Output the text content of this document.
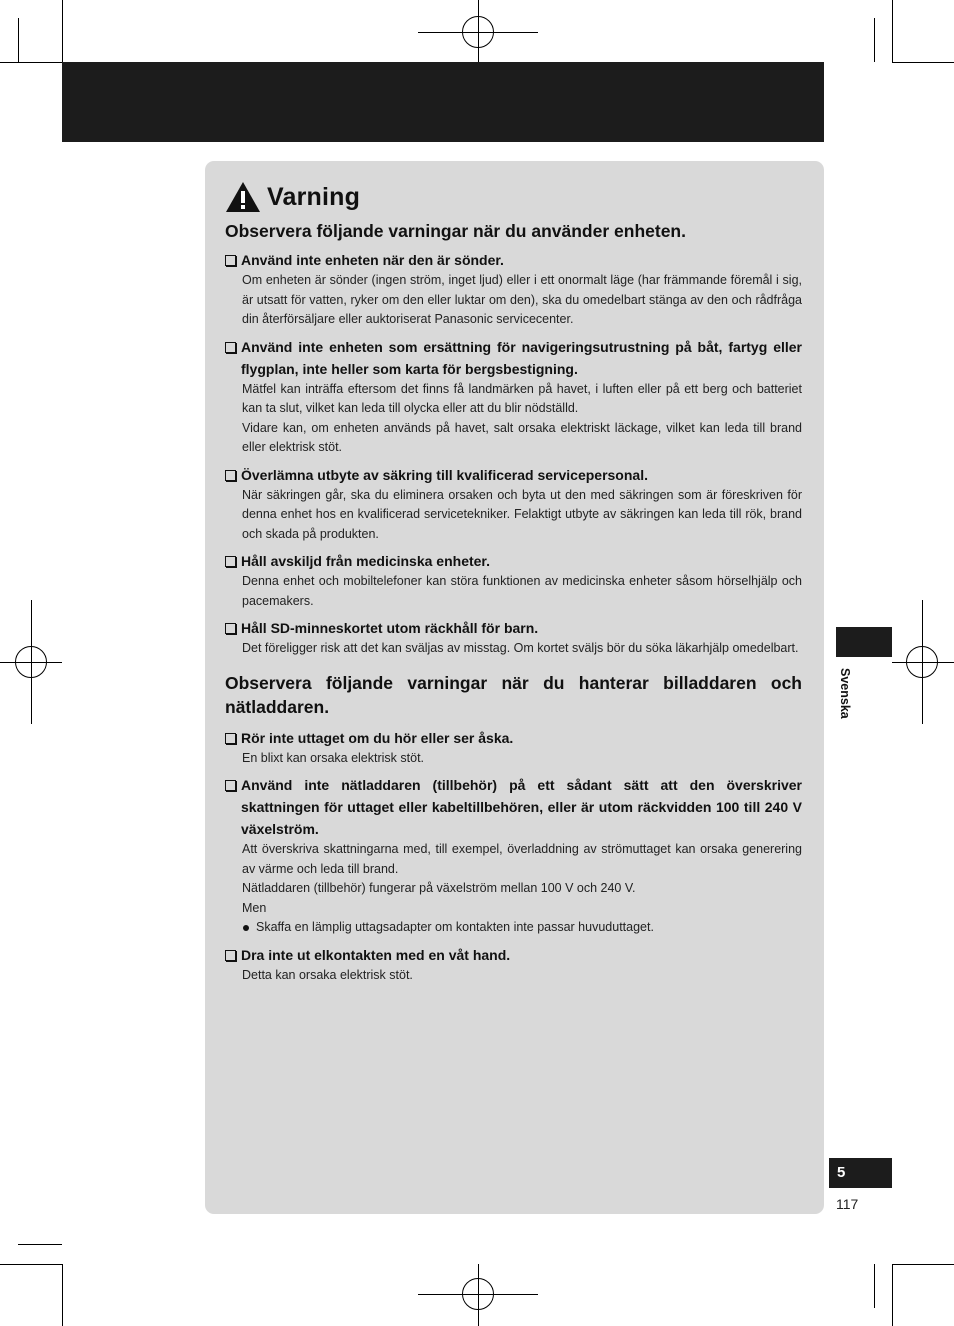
Varning
Observera följande varningar när du använder enheten.
Använd inte enheten när den är sönder.

Om enheten är sönder (ingen ström, inget ljud) eller i ett onormalt läge (har främmande föremål i sig, är utsatt för vatten, ryker om den eller luktar om den), ska du omedelbart stänga av den och rådfråga din återförsäljare eller auktoriserat Panasonic servicecenter.

Använd inte enheten som ersättning för navigeringsutrustning på båt, fartyg eller flygplan, inte heller som karta för bergsbestigning.

Mätfel kan inträffa eftersom det finns få landmärken på havet, i luften eller på ett berg och batteriet kan ta slut, vilket kan leda till olycka eller att du blir nödställd.

Vidare kan, om enheten används på havet, salt orsaka elektriskt läckage, vilket kan leda till brand eller elektrisk stöt.

Överlämna utbyte av säkring till kvalificerad servicepersonal.

När säkringen går, ska du eliminera orsaken och byta ut den med säkringen som är föreskriven för denna enhet hos en kvalificerad servicetekniker. Felaktigt utbyte av säkringen kan leda till rök, brand och skada på produkten.

Håll avskiljd från medicinska enheter.

Denna enhet och mobiltelefoner kan störa funktionen av medicinska enheter såsom hörselhjälp och pacemakers.

Håll SD-minneskortet utom räckhåll för barn.

Det föreligger risk att det kan sväljas av misstag. Om kortet sväljs bör du söka läkarhjälp omedelbart.

Observera följande varningar när du hanterar billaddaren och nätladdaren.
Rör inte uttaget om du hör eller ser åska.

En blixt kan orsaka elektrisk stöt.

Använd inte nätladdaren (tillbehör) på ett sådant sätt att den överskriver skattningen för uttaget eller kabeltillbehören, eller är utom räckvidden 100 till 240 V växelström.

Att överskriva skattningarna med, till exempel, överladdning av strömuttaget kan orsaka generering av värme och leda till brand.

Nätladdaren (tillbehör) fungerar på växelström mellan 100 V och 240 V.

Men

Skaffa en lämplig uttagsadapter om kontakten inte passar huvuduttaget.

Dra inte ut elkontakten med en våt hand.

Detta kan orsaka elektrisk stöt.

Svenska
5
117
